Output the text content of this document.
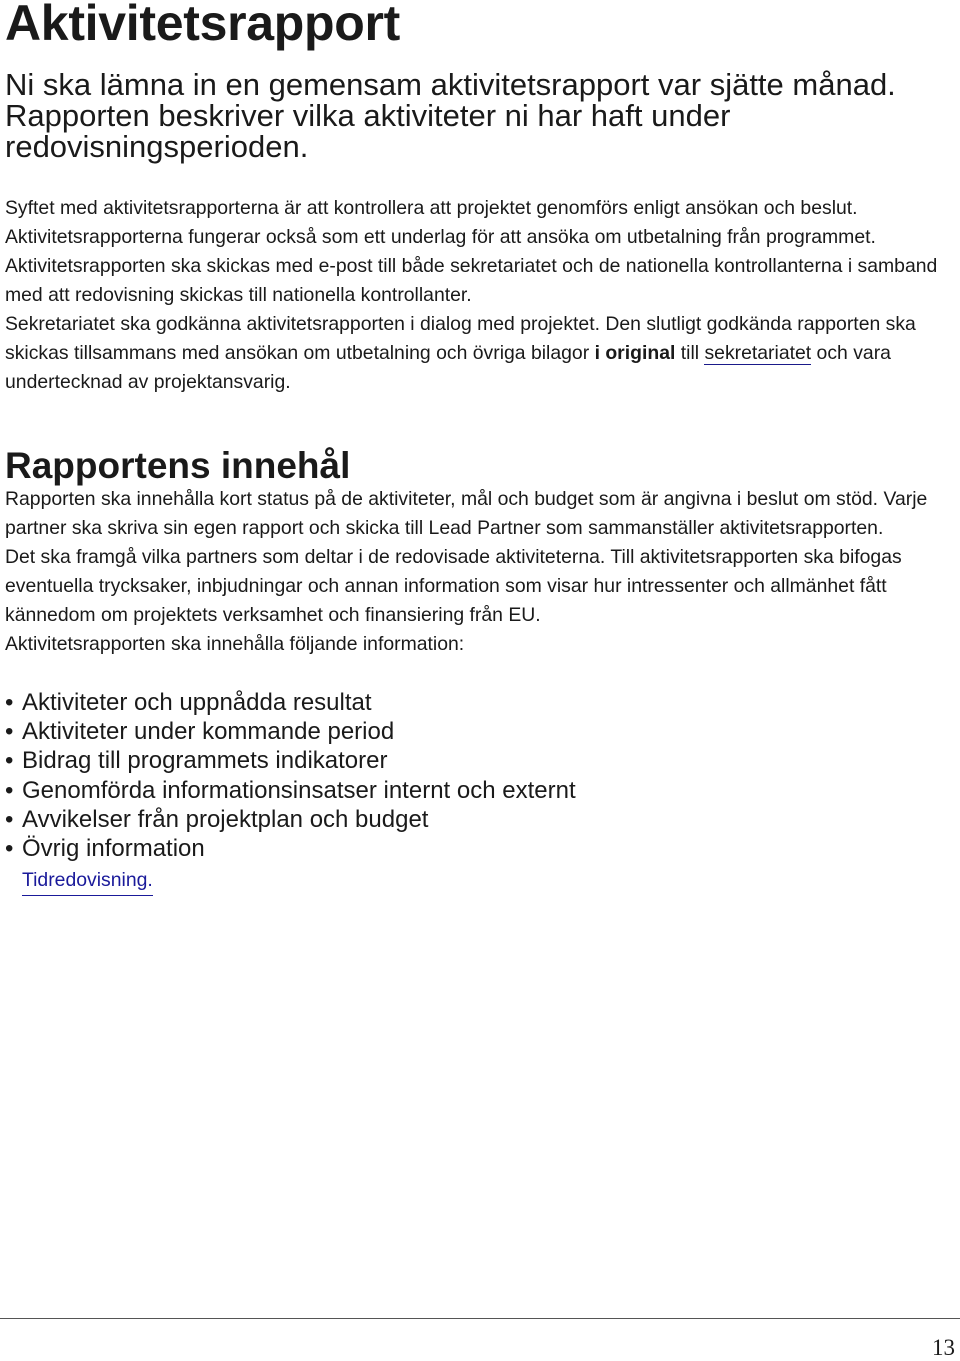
Aktivitetsrapport

Ni ska lämna in en gemensam aktivitetsrapport var sjätte månad. Rapporten beskriver vilka aktiviteter ni har haft under redovisningsperioden.

Syftet med aktivitetsrapporterna är att kontrollera att projektet genomförs enligt ansökan och beslut. Aktivitetsrapporterna fungerar också som ett underlag för att ansöka om utbetalning från programmet.
Aktivitetsrapporten ska skickas med e-post till både sekretariatet och de nationella kontrollanterna i samband med att redovisning skickas till nationella kontrollanter.
Sekretariatet ska godkänna aktivitetsrapporten i dialog med projektet. Den slutligt godkända rapporten ska skickas tillsammans med ansökan om utbetalning och övriga bilagor i original till sekretariatet och vara undertecknad av projektansvarig.
Rapportens innehål
Rapporten ska innehålla kort status på de aktiviteter, mål och budget som är angivna i beslut om stöd. Varje partner ska skriva sin egen rapport och skicka till Lead Partner som sammanställer aktivitetsrapporten.
Det ska framgå vilka partners som deltar i de redovisade aktiviteterna. Till aktivitetsrapporten ska bifogas eventuella trycksaker, inbjudningar och annan information som visar hur intressenter och allmänhet fått kännedom om projektets verksamhet och finansiering från EU.
Aktivitetsrapporten ska innehålla följande information:
• Aktiviteter och uppnådda resultat
• Aktiviteter under kommande period
• Bidrag till programmets indikatorer
• Genomförda informationsinsatser internt och externt
• Avvikelser från projektplan och budget
• Övrig information
Tidredovisning.
13
